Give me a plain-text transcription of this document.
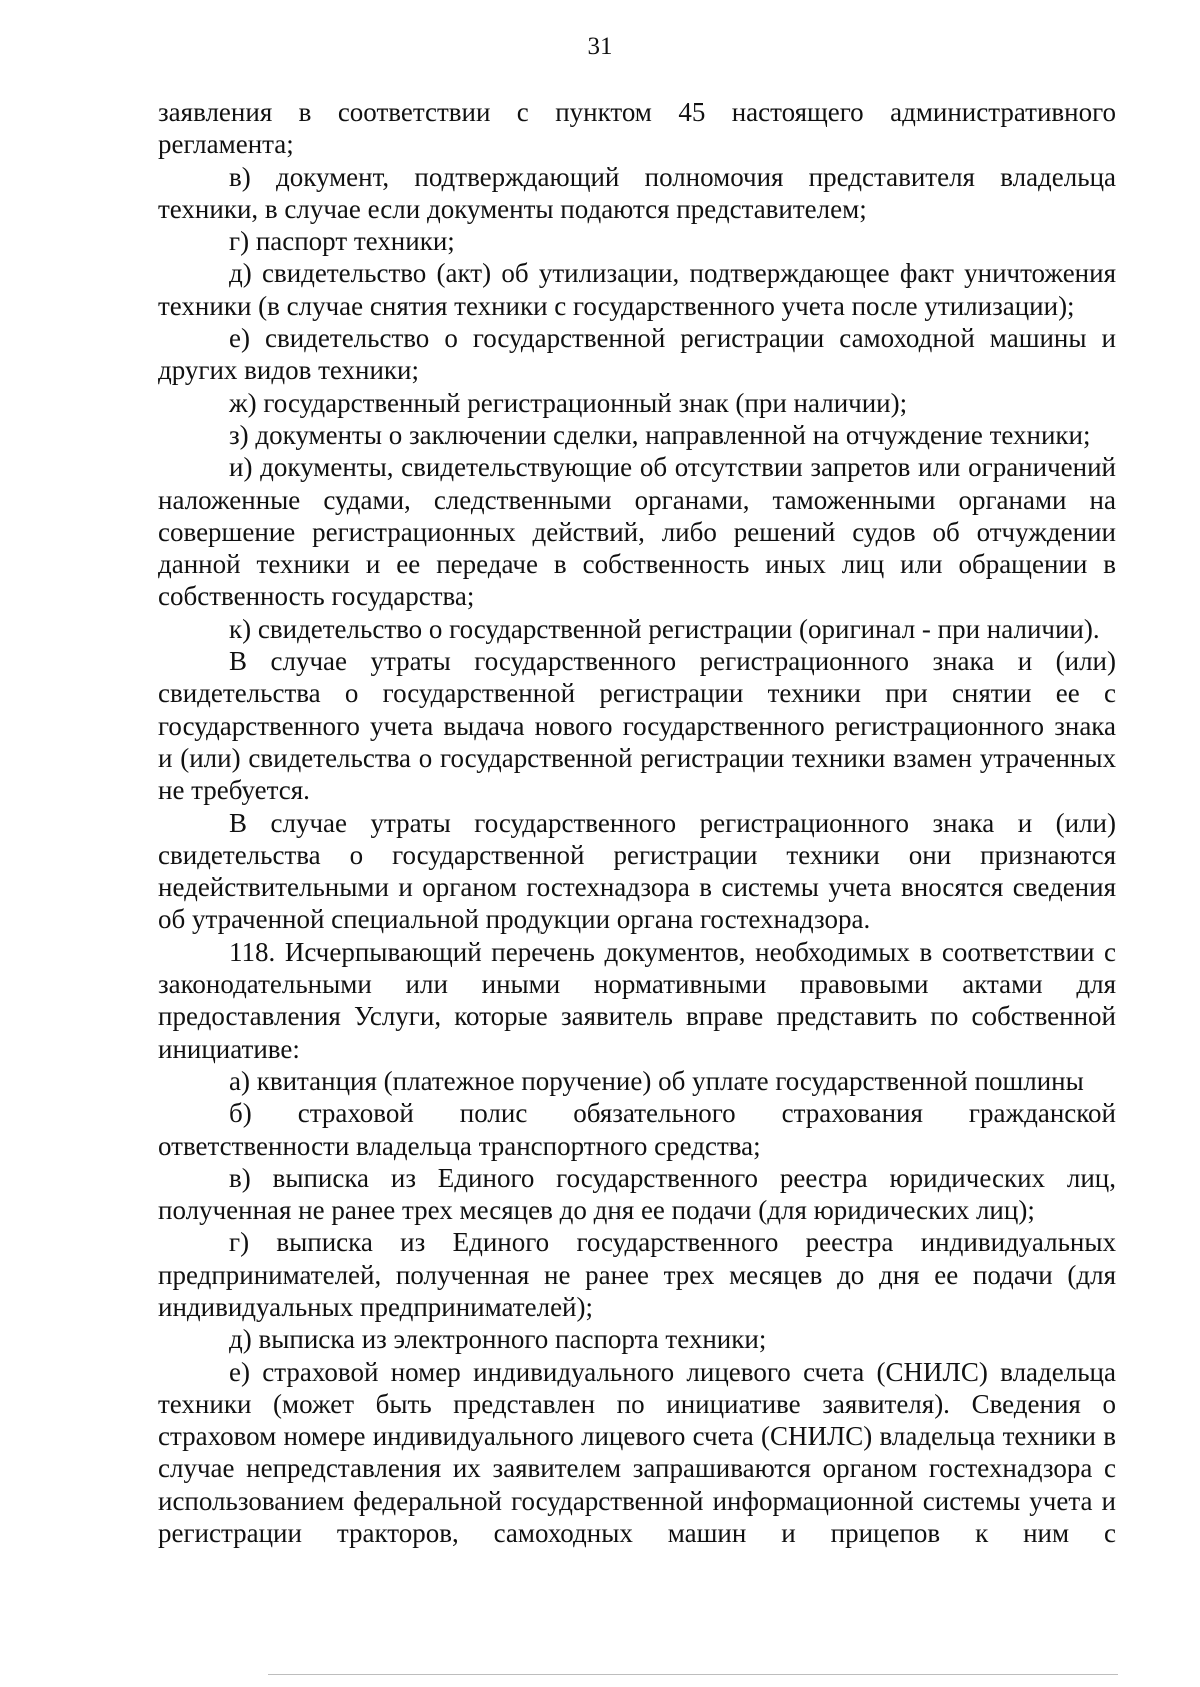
31

заявления в соответствии с пунктом 45 настоящего административного регламента;

в) документ, подтверждающий полномочия представителя владельца техники, в случае если документы подаются представителем;

г) паспорт техники;

д) свидетельство (акт) об утилизации, подтверждающее факт уничтожения техники (в случае снятия техники с государственного учета после утилизации);

е) свидетельство о государственной регистрации самоходной машины и других видов техники;

ж) государственный регистрационный знак (при наличии);

з) документы о заключении сделки, направленной на отчуждение техники;

и) документы, свидетельствующие об отсутствии запретов или ограничений наложенные судами, следственными органами, таможенными органами на совершение регистрационных действий, либо решений судов об отчуждении данной техники и ее передаче в собственность иных лиц или обращении в собственность государства;

к) свидетельство о государственной регистрации (оригинал - при наличии).

В случае утраты государственного регистрационного знака и (или) свидетельства о государственной регистрации техники при снятии ее с государственного учета выдача нового государственного регистрационного знака и (или) свидетельства о государственной регистрации техники взамен утраченных не требуется.

В случае утраты государственного регистрационного знака и (или) свидетельства о государственной регистрации техники они признаются недействительными и органом гостехнадзора в системы учета вносятся сведения об утраченной специальной продукции органа гостехнадзора.

118. Исчерпывающий перечень документов, необходимых в соответствии с законодательными или иными нормативными правовыми актами для предоставления Услуги, которые заявитель вправе представить по собственной инициативе:

а) квитанция (платежное поручение) об уплате государственной пошлины

б) страховой полис обязательного страхования гражданской ответственности владельца транспортного средства;

в) выписка из Единого государственного реестра юридических лиц, полученная не ранее трех месяцев до дня ее подачи (для юридических лиц);

г) выписка из Единого государственного реестра индивидуальных предпринимателей, полученная не ранее трех месяцев до дня ее подачи (для индивидуальных предпринимателей);

д) выписка из электронного паспорта техники;

е) страховой номер индивидуального лицевого счета (СНИЛС) владельца техники (может быть представлен по инициативе заявителя). Сведения о страховом номере индивидуального лицевого счета (СНИЛС) владельца техники в случае непредставления их заявителем запрашиваются органом гостехнадзора с использованием федеральной государственной информационной системы учета и регистрации тракторов, самоходных машин и прицепов к ним с
